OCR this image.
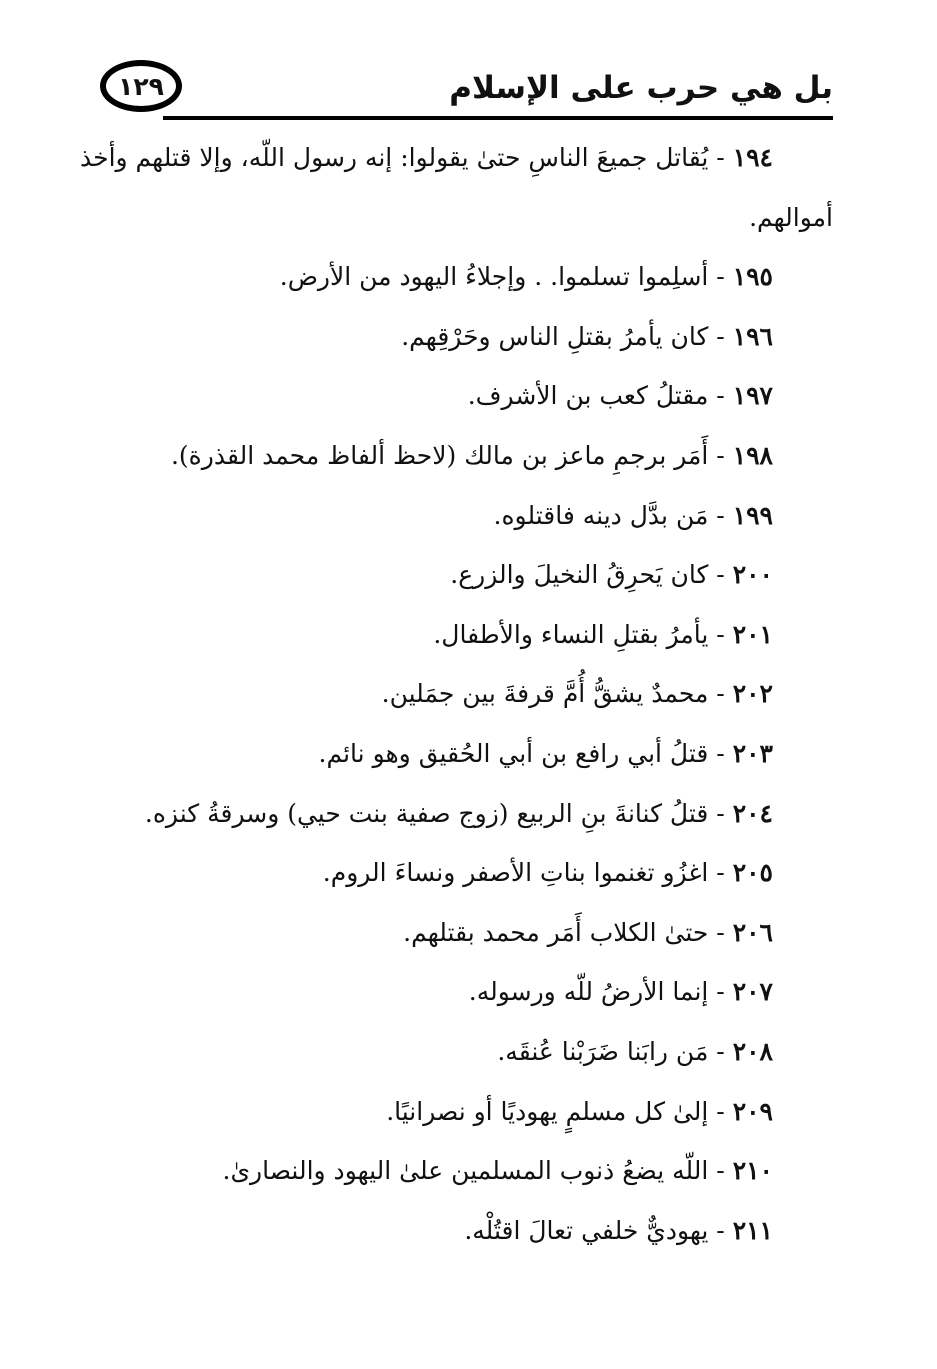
بل هي حرب على الإسلام
١٢٩
١٩٤ - يُقاتل جميعَ الناسِ حتىٰ يقولوا: إنه رسول اللّه، وإلا قتلهم وأخذ أموالهم.
١٩٥ - أسلِموا تسلموا. . وإجلاءُ اليهود من الأرض.
١٩٦ - كان يأمرُ بقتلِ الناس وحَرْقِهم.
١٩٧ - مقتلُ كعب بن الأشرف.
١٩٨ - أَمَر برجمِ ماعز بن مالك (لاحظ ألفاظ محمد القذرة).
١٩٩ - مَن بدَّل دينه فاقتلوه.
٢٠٠ - كان يَحرِقُ النخيلَ والزرع.
٢٠١ - يأمرُ بقتلِ النساء والأطفال.
٢٠٢ - محمدٌ يشقُّ أُمَّ قرفةَ بين جمَلين.
٢٠٣ - قتلُ أبي رافع بن أبي الحُقيق وهو نائم.
٢٠٤ - قتلُ كنانةَ بنِ الربيع (زوج صفية بنت حيي) وسرقةُ كنزه.
٢٠٥ - اغزُو تغنموا بناتِ الأصفر ونساءَ الروم.
٢٠٦ - حتىٰ الكلاب أَمَر محمد بقتلهم.
٢٠٧ - إنما الأرضُ للّه ورسوله.
٢٠٨ - مَن رابَنا ضَرَبْنا عُنقَه.
٢٠٩ - إلىٰ كل مسلمٍ يهوديًا أو نصرانيًا.
٢١٠ - اللّه يضعُ ذنوب المسلمين علىٰ اليهود والنصارىٰ.
٢١١ - يهوديٌّ خلفي تعالَ اقتُلْه.
